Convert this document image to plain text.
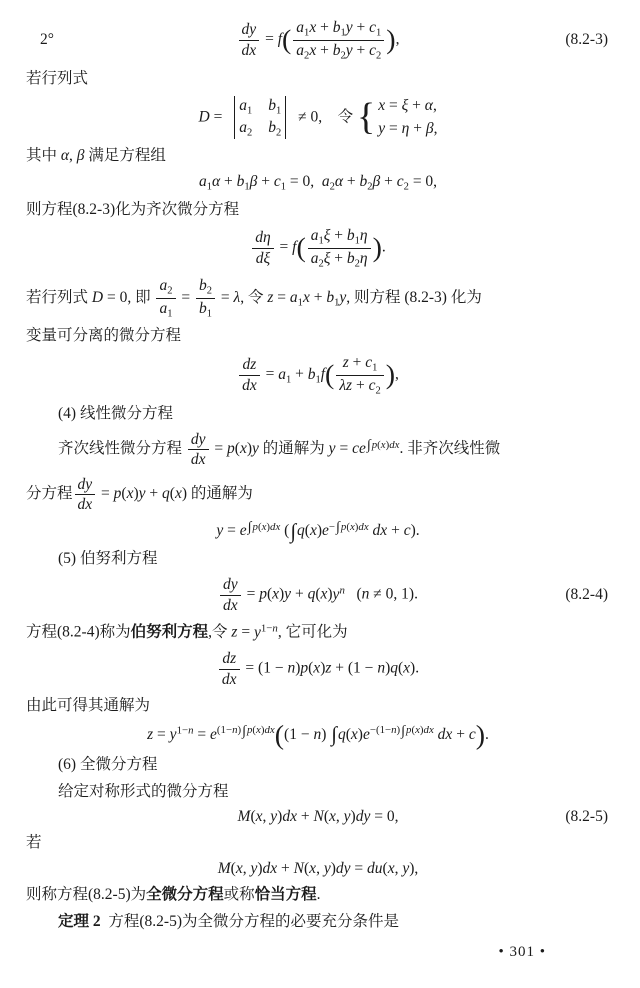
2°	$\frac{dy}{dx} = f( \frac{a_1x + b_1y + c_1}{a_2x + b_2y + c_2}$ ),	(8.2-3)
若行列式
D =
$a_1$ $b_1$
$a_2$ $b_2$
≠ 0,    令 { x = ξ + α,
y = η + β,
其中 α, β 满足方程组
$a_1\alpha + b_1\beta + c_1 = 0$,  $a_2\alpha + b_2\beta + c_2 = 0$,
则方程(8.2-3)化为齐次微分方程
$\frac{d\eta}{d\xi} = f( \frac{a_1\xi + b_1\eta}{a_2\xi + b_2\eta}$ ).
若行列式 D = 0, 即 $\frac{a_2}{a_1} = \frac{b_2}{b_1} = \lambda$, 令 $z = a_1x + b_1y$, 则方程 (8.2-3) 化为
变量可分离的微分方程
$\frac{dz}{dx} = a_1 + b_1f( \frac{z + c_1}{\lambda z + c_2}$ ),
(4) 线性微分方程
齐次线性微分方程 $\frac{dy}{dx} = p(x)y$ 的通解为 $y = ce^{\int p(x)dx}$. 非齐次线性微
分方程 $\frac{dy}{dx} = p(x)y + q(x)$ 的通解为
$y = e^{\int p(x)dx}$ ($\int q(x)e^{-\int p(x)dx}$ dx + c).
(5) 伯努利方程
$\frac{dy}{dx} = p(x)y + q(x)y^n$   (n ≠ 0, 1).	(8.2-4)
方程(8.2-4)称为伯努利方程,令 $z = y^{1-n}$, 它可化为
$\frac{dz}{dx} = (1 - n)p(x)z + (1 - n)q(x)$.
由此可得其通解为
$z = y^{1-n} = e^{(1-n)\int p(x)dx}((1 - n)$ $\int q(x)e^{-(1-n)\int p(x)dx}$ dx + c).
(6) 全微分方程
给定对称形式的微分方程
M(x, y)dx + N(x, y)dy = 0,	(8.2-5)
若
M(x, y)dx + N(x, y)dy = du(x, y),
则称方程(8.2-5)为全微分方程或称恰当方程.
定理 2  方程(8.2-5)为全微分方程的必要充分条件是
• 301 •
